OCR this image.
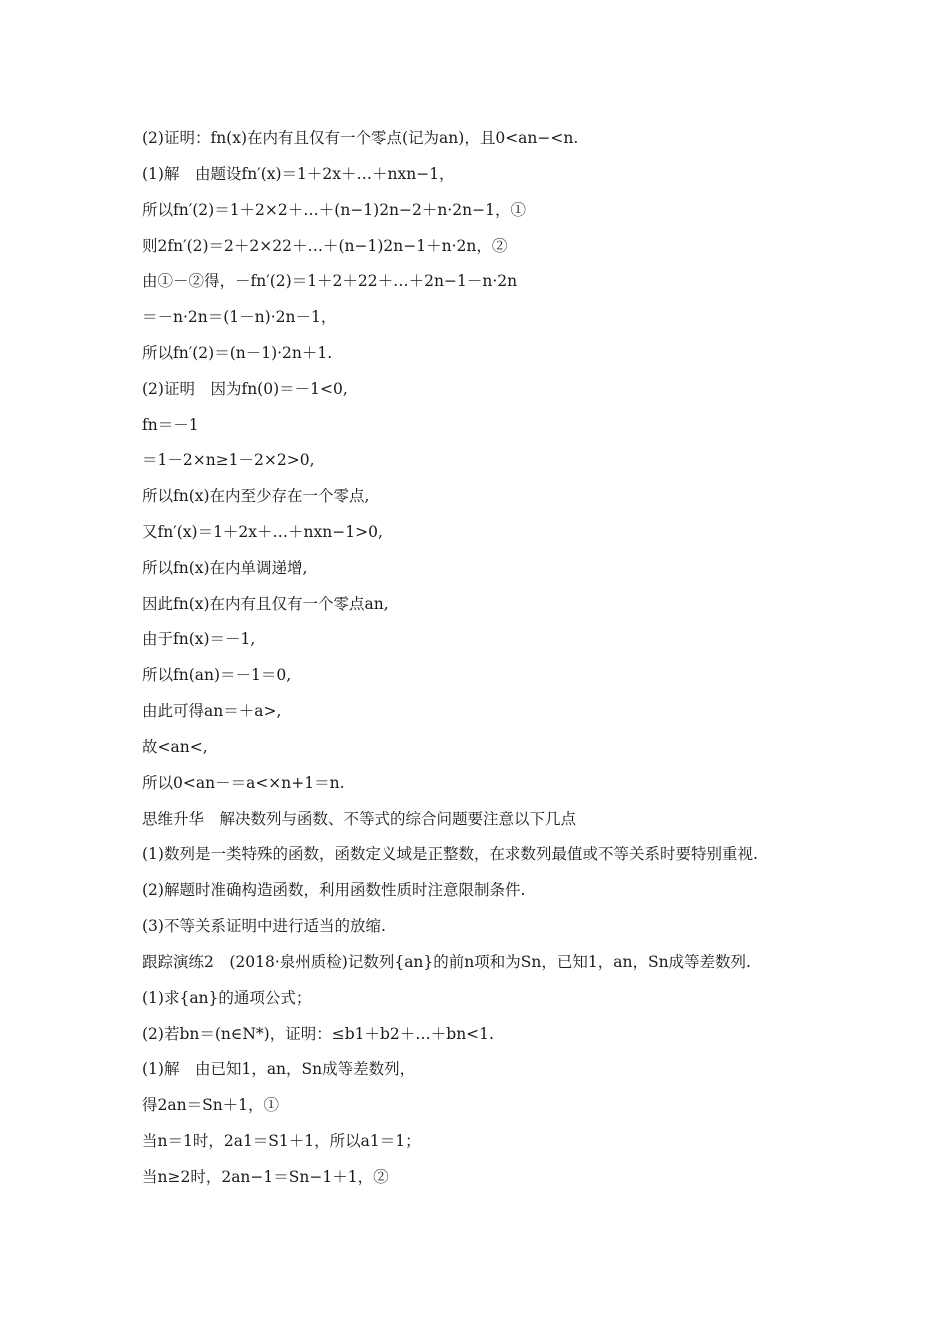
(2)证明：fn(x)在内有且仅有一个零点(记为an)，且0<an−<n.
(1)解　由题设fn′(x)＝1＋2x＋…＋nxn−1，
所以fn′(2)＝1＋2×2＋…＋(n−1)2n−2＋n·2n−1，①
则2fn′(2)＝2＋2×22＋…＋(n−1)2n−1＋n·2n，②
由①－②得，－fn′(2)＝1＋2＋22＋…＋2n−1－n·2n
＝－n·2n＝(1－n)·2n－1，
所以fn′(2)＝(n－1)·2n＋1.
(2)证明　因为fn(0)＝－1<0,
fn＝－1
＝1－2×n≥1－2×2>0,
所以fn(x)在内至少存在一个零点,
又fn′(x)＝1＋2x＋…＋nxn−1>0,
所以fn(x)在内单调递增,
因此fn(x)在内有且仅有一个零点an,
由于fn(x)＝－1,
所以fn(an)＝－1＝0,
由此可得an＝＋a>,
故<an<,
所以0<an－＝a<×n+1＝n.
思维升华　解决数列与函数、不等式的综合问题要注意以下几点
(1)数列是一类特殊的函数，函数定义域是正整数，在求数列最值或不等关系时要特别重视.
(2)解题时准确构造函数，利用函数性质时注意限制条件.
(3)不等关系证明中进行适当的放缩.
跟踪演练2　(2018·泉州质检)记数列{an}的前n项和为Sn，已知1，an，Sn成等差数列.
(1)求{an}的通项公式；
(2)若bn＝(n∈N*)，证明：≤b1＋b2＋…＋bn<1.
(1)解　由已知1，an，Sn成等差数列，
得2an＝Sn＋1，①
当n＝1时，2a1＝S1＋1，所以a1＝1；
当n≥2时，2an−1＝Sn−1＋1，②
